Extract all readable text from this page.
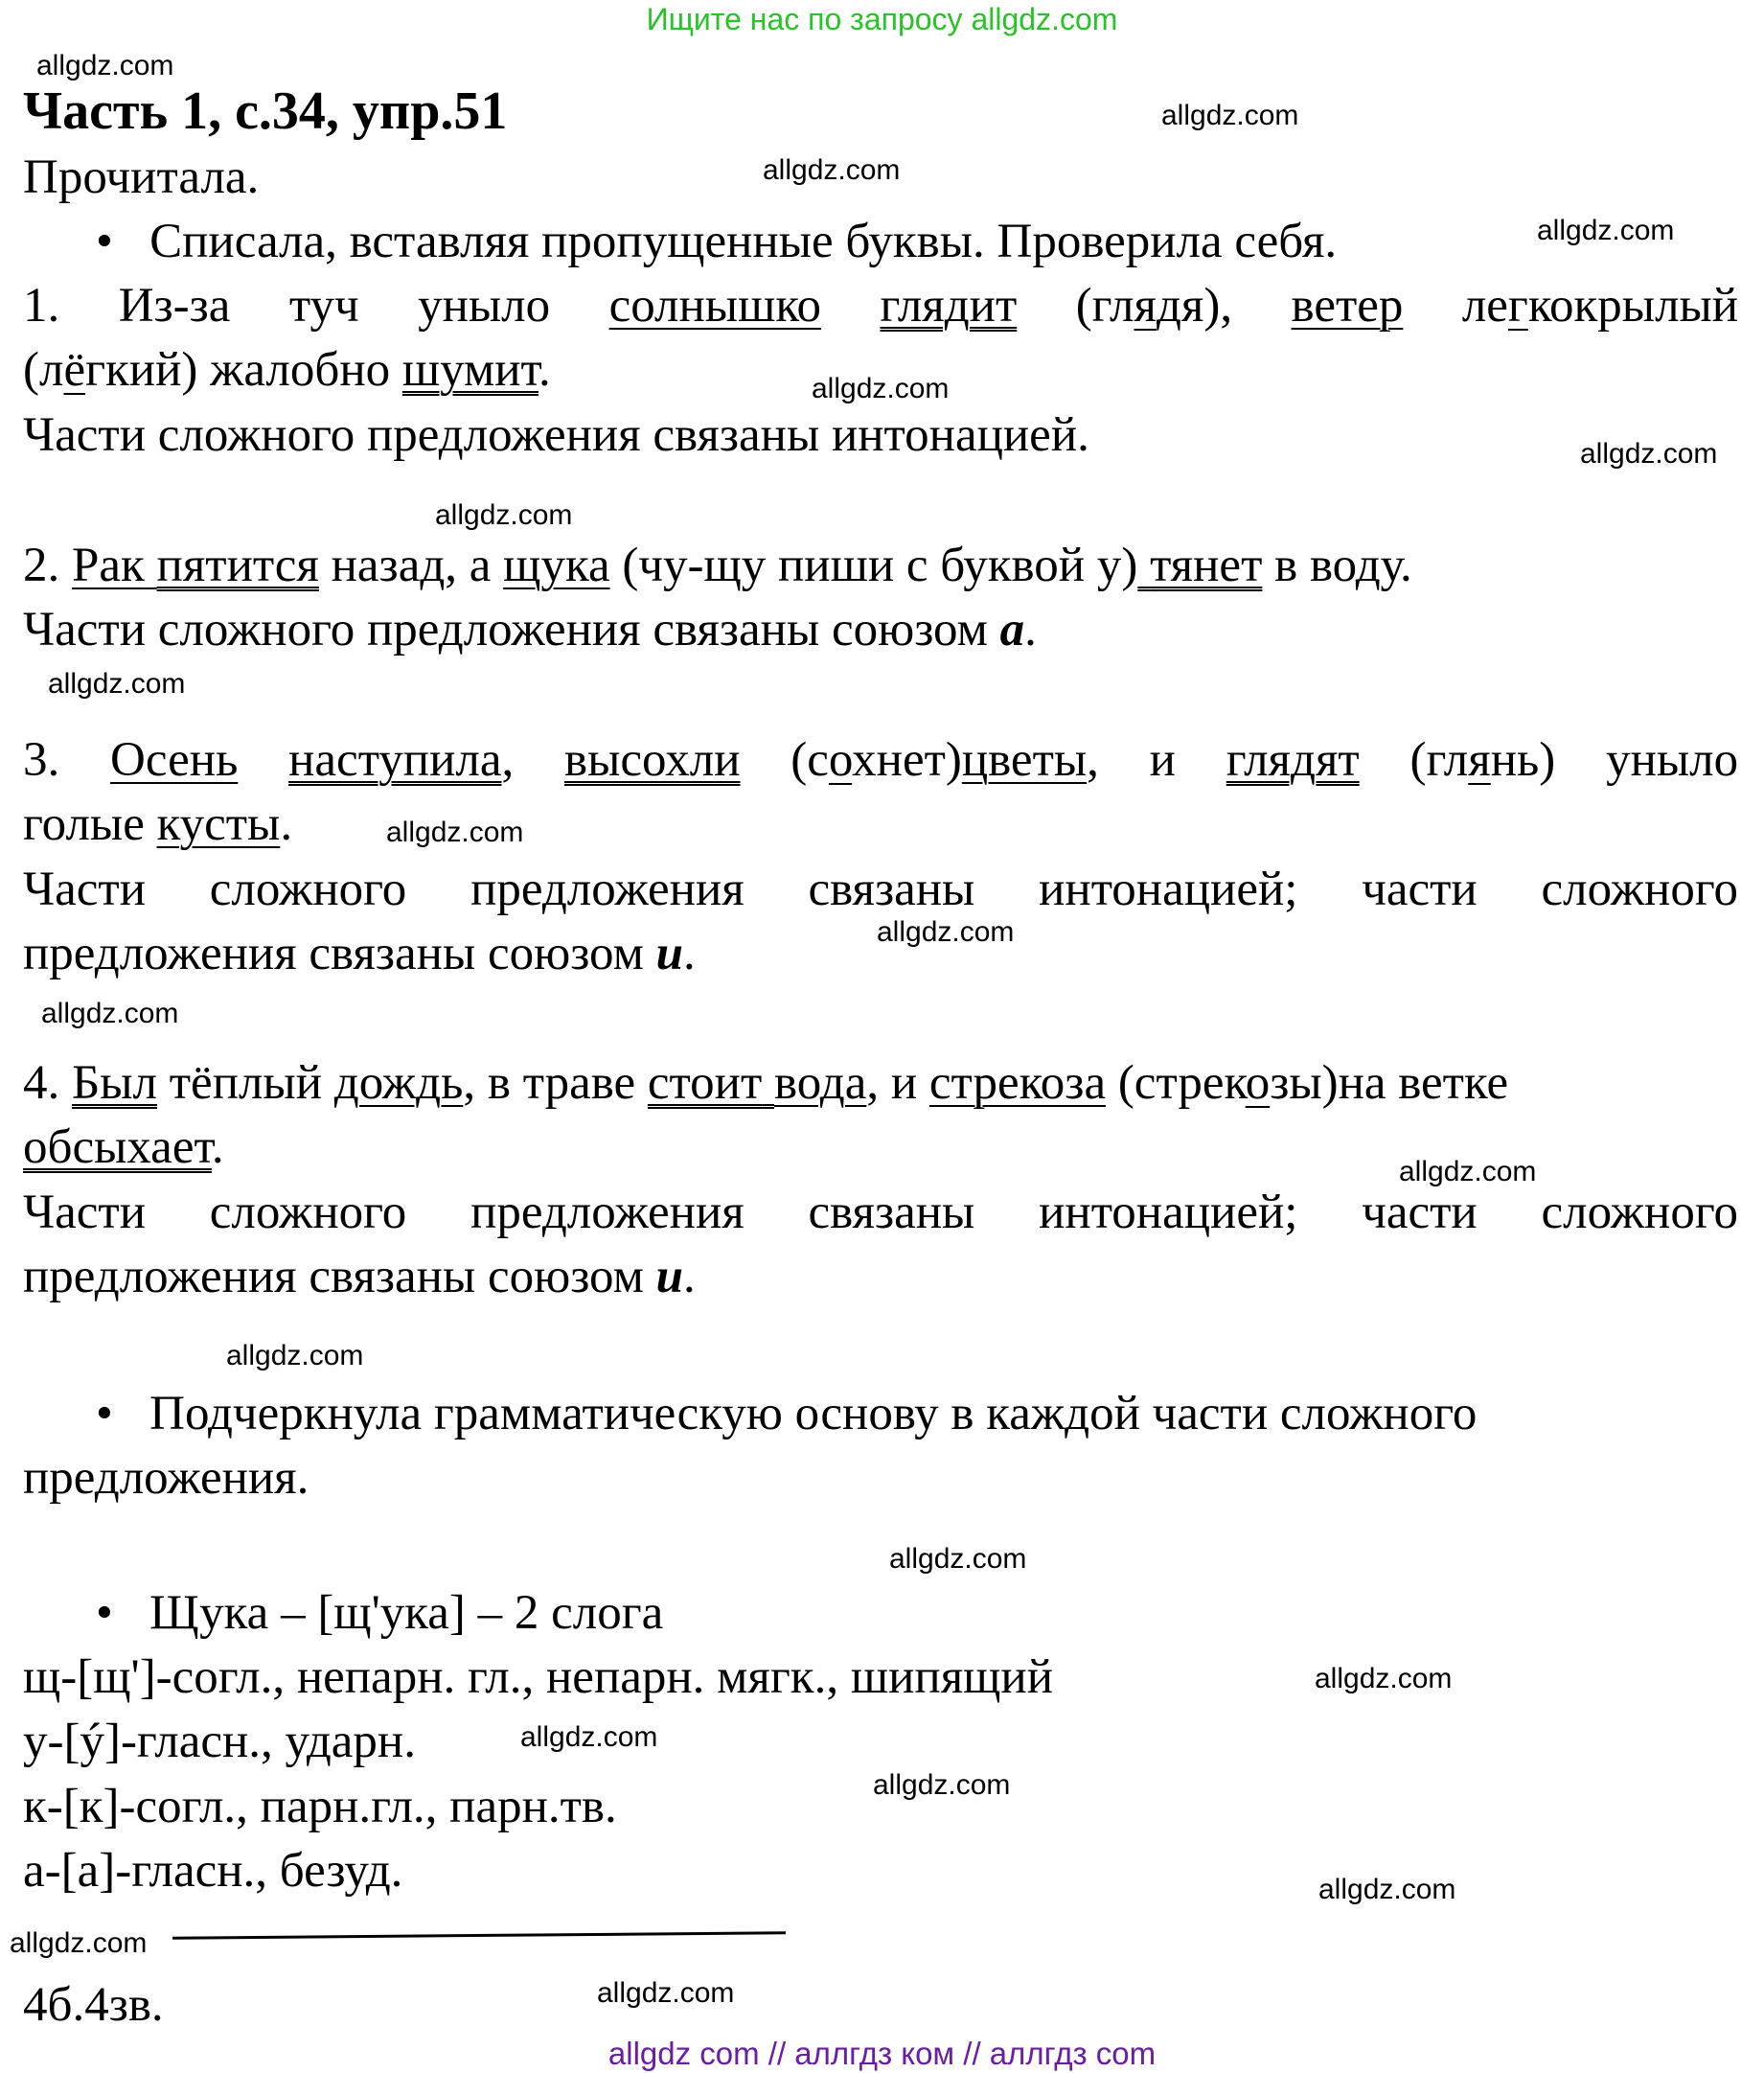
Ищите нас по запросу allgdz.com
allgdz.com
allgdz.com
allgdz.com
allgdz.com
allgdz.com
allgdz.com
allgdz.com
allgdz.com
allgdz.com
allgdz.com
allgdz.com
allgdz.com
allgdz.com
allgdz.com
allgdz.com
allgdz.com
allgdz.com
allgdz.com
allgdz.com
allgdz.com
Часть 1, с.34, упр.51
Прочитала.
• Списала, вставляя пропущенные буквы. Проверила себя.
1. Из-за туч уныло солнышко глядит (глядя), ветер легкокрылый
(лёгкий) жалобно шумит.
Части сложного предложения связаны интонацией.
2. Рак пятится назад, а щука (чу-щу пиши с буквой у) тянет в воду.
Части сложного предложения связаны союзом а.
3. Осень наступила, высохли (сохнет)цветы, и глядят (глянь) уныло
голые кусты.
Части сложного предложения связаны интонацией; части сложного
предложения связаны союзом и.
4. Был тёплый дождь, в траве стоит вода, и стрекоза (стрекозы)на ветке
обсыхает.
Части сложного предложения связаны интонацией; части сложного
предложения связаны союзом и.
• Подчеркнула грамматическую основу в каждой части сложного
предложения.
• Щука – [щ'ука] – 2 слога
щ-[щ']-согл., непарн. гл., непарн. мягк., шипящий
у-[ý]-гласн., ударн.
к-[к]-согл., парн.гл., парн.тв.
а-[а]-гласн., безуд.
4б.4зв.
allgdz com // аллгдз ком // аллгдз com
